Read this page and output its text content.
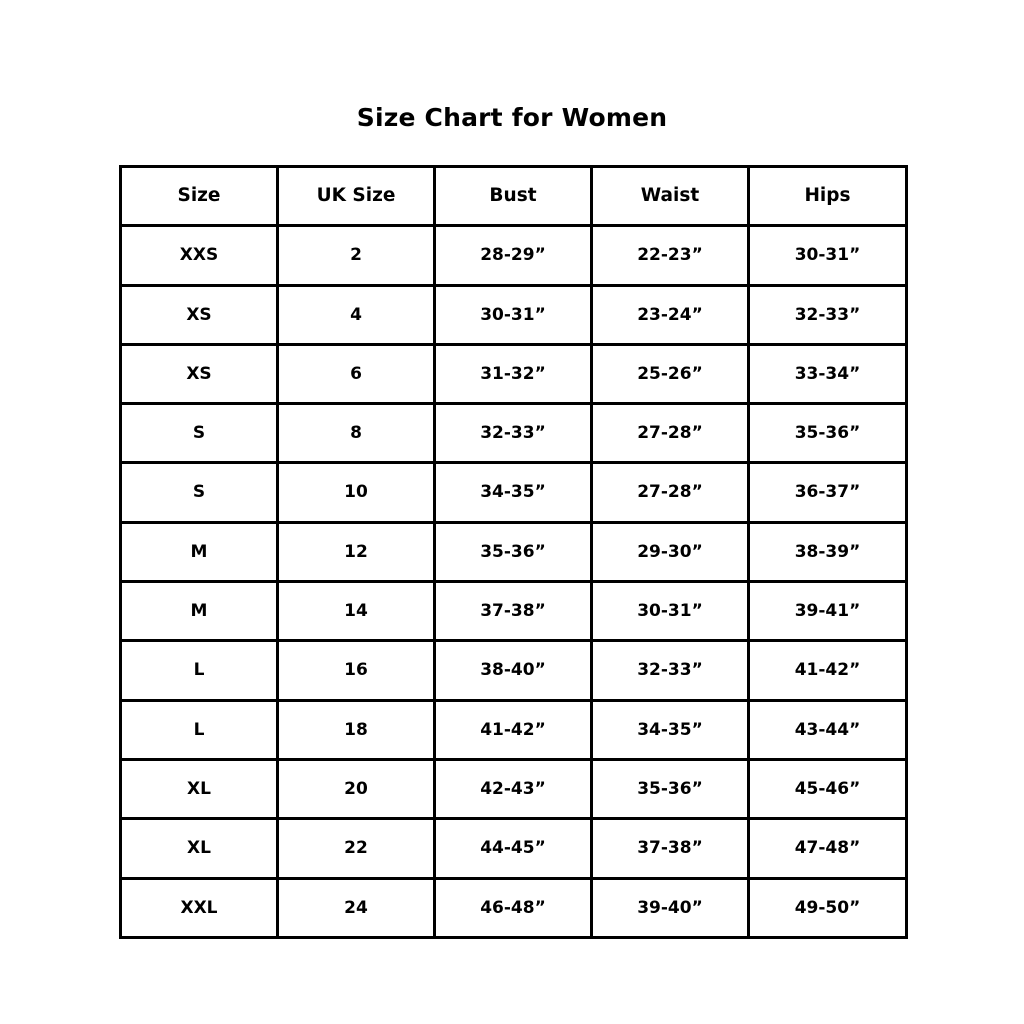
Size Chart for Women
Size	UK Size	Bust	Waist	Hips
XXS	2	28-29”	22-23”	30-31”
XS	4	30-31”	23-24”	32-33”
XS	6	31-32”	25-26”	33-34”
S	8	32-33”	27-28”	35-36”
S	10	34-35”	27-28”	36-37”
M	12	35-36”	29-30”	38-39”
M	14	37-38”	30-31”	39-41”
L	16	38-40”	32-33”	41-42”
L	18	41-42”	34-35”	43-44”
XL	20	42-43”	35-36”	45-46”
XL	22	44-45”	37-38”	47-48”
XXL	24	46-48”	39-40”	49-50”
